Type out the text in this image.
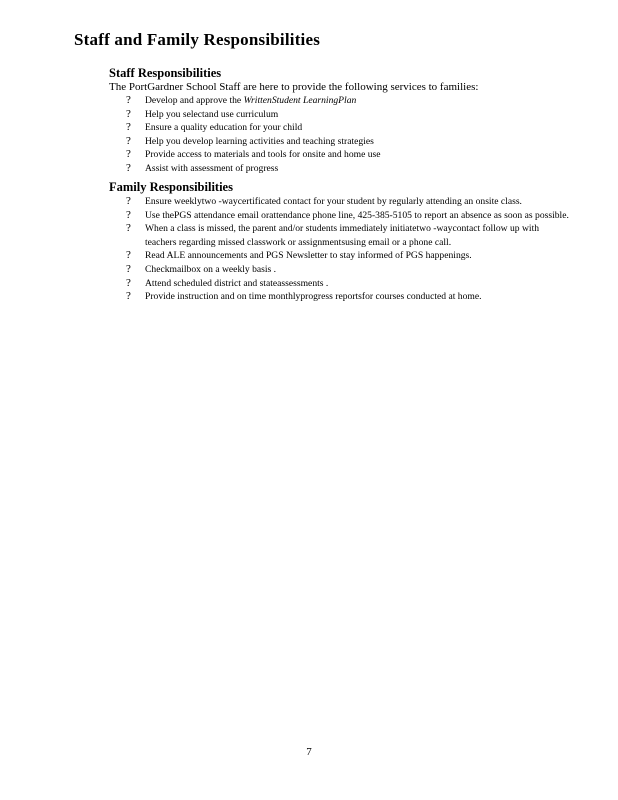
Staff and Family Responsibilities
Staff Responsibilities
The PortGardner School Staff are here to provide the following services to families:
? Develop and approve the WrittenStudent LearningPlan
? Help you selectand use curriculum
? Ensure a quality education for your child
? Help you develop learning activities and teaching strategies
? Provide access to materials and tools for onsite and home use
? Assist with assessment of progress
Family Responsibilities
? Ensure weeklytwo -waycertificated contact for your student by regularly attending an onsite class.
? Use thePGS attendance email orattendance phone line, 425-385-5105 to report an absence as soon as possible.
? When a class is missed, the parent and/or students immediately initiatetwo -waycontact follow up with teachers regarding missed classwork or assignmentsusing email or a phone call.
? Read ALE announcements and PGS Newsletter to stay informed of PGS happenings.
? Checkmailbox on a weekly basis .
? Attend scheduled district and stateassessments .
? Provide instruction and on time monthlyprogress reportsfor courses conducted at home.
7
